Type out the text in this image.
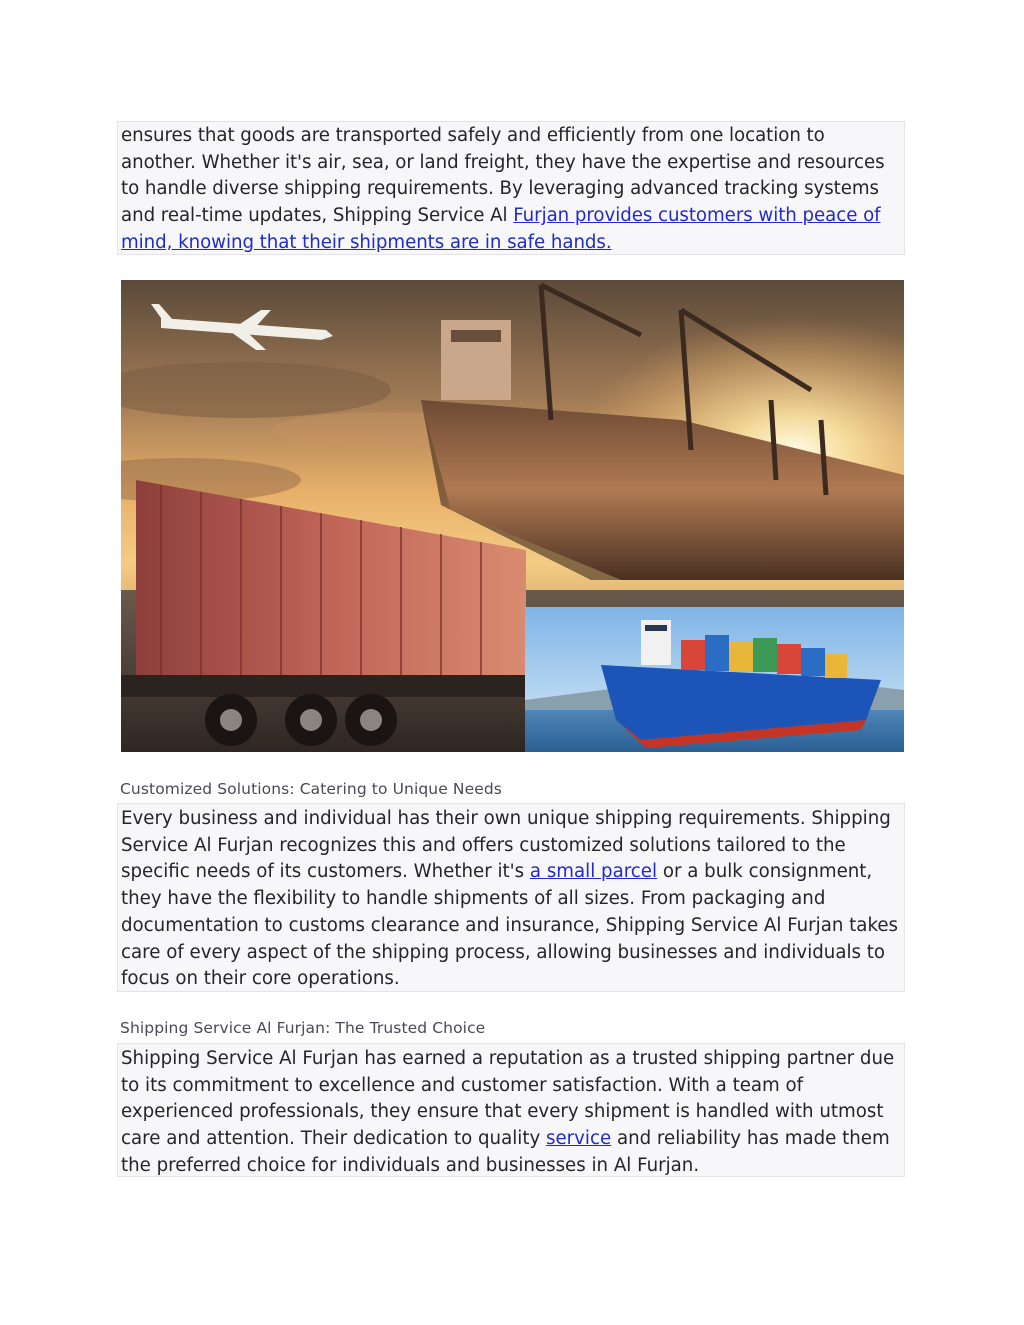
ensures that goods are transported safely and efficiently from one location to another. Whether it's air, sea, or land freight, they have the expertise and resources to handle diverse shipping requirements. By leveraging advanced tracking systems and real-time updates, Shipping Service Al Furjan provides customers with peace of mind, knowing that their shipments are in safe hands.

Customized Solutions: Catering to Unique Needs

Every business and individual has their own unique shipping requirements. Shipping Service Al Furjan recognizes this and offers customized solutions tailored to the specific needs of its customers. Whether it's a small parcel or a bulk consignment, they have the flexibility to handle shipments of all sizes. From packaging and documentation to customs clearance and insurance, Shipping Service Al Furjan takes care of every aspect of the shipping process, allowing businesses and individuals to focus on their core operations.

Shipping Service Al Furjan: The Trusted Choice

Shipping Service Al Furjan has earned a reputation as a trusted shipping partner due to its commitment to excellence and customer satisfaction. With a team of experienced professionals, they ensure that every shipment is handled with utmost care and attention. Their dedication to quality service and reliability has made them the preferred choice for individuals and businesses in Al Furjan.
